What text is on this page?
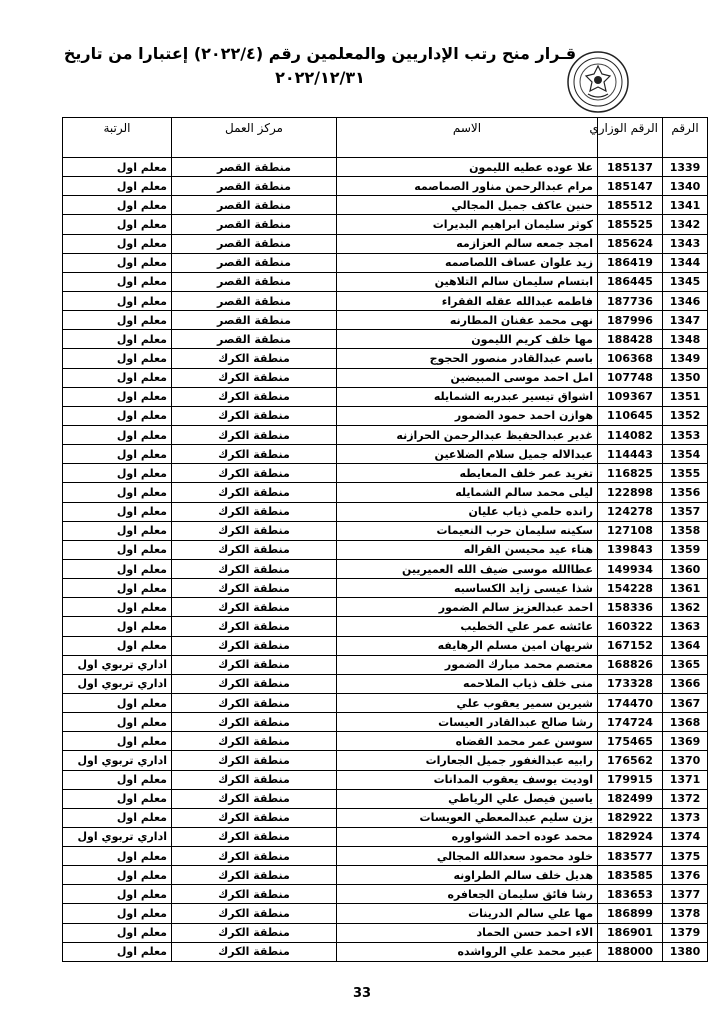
قـرار منح رتب الإداريين والمعلمين رقم (٢٠٢٢/٤) إعتبارا من تاريخ
٢٠٢٢/١٢/٣١
الرقم	الرقم الوزاري	الاسم	مركز العمل	الرتبة
1339	185137	علا عوده عطيه الليمون	منطقة القصر	معلم اول
1340	185147	مرام عبدالرحمن مناور الصماصمه	منطقة القصر	معلم اول
1341	185512	حنين عاكف جميل المجالي	منطقة القصر	معلم اول
1342	185525	كوثر سليمان ابراهيم البديرات	منطقة القصر	معلم اول
1343	185624	امجد جمعه سالم العزازمه	منطقة القصر	معلم اول
1344	186419	زيد علوان عساف اللصاصمه	منطقة القصر	معلم اول
1345	186445	ابتسام سليمان سالم التلاهين	منطقة القصر	معلم اول
1346	187736	فاطمه عبدالله عقله الفقراء	منطقة القصر	معلم اول
1347	187996	نهى محمد عفنان المطارنه	منطقة القصر	معلم اول
1348	188428	مها خلف كريم الليمون	منطقة القصر	معلم اول
1349	106368	باسم عبدالقادر منصور الحجوج	منطقة الكرك	معلم اول
1350	107748	امل احمد موسى المبيضين	منطقة الكرك	معلم اول
1351	109367	اشواق تيسير عبدربه الشمايله	منطقة الكرك	معلم اول
1352	110645	هوازن احمد حمود الضمور	منطقة الكرك	معلم اول
1353	114082	غدير عبدالحفيظ عبدالرحمن الحرازنه	منطقة الكرك	معلم اول
1354	114443	عبدالاله جميل سلام الضلاعين	منطقة الكرك	معلم اول
1355	116825	تغريد عمر خلف المعايطه	منطقة الكرك	معلم اول
1356	122898	ليلى محمد سالم الشمايله	منطقة الكرك	معلم اول
1357	124278	رانده حلمي ذياب عليان	منطقة الكرك	معلم اول
1358	127108	سكينه سليمان حرب النعيمات	منطقة الكرك	معلم اول
1359	139843	هناء عيد محيسن القراله	منطقة الكرك	معلم اول
1360	149934	عطاالله موسى ضيف الله العميريين	منطقة الكرك	معلم اول
1361	154228	شذا عيسى زايد الكساسبه	منطقة الكرك	معلم اول
1362	158336	احمد عبدالعزيز سالم الضمور	منطقة الكرك	معلم اول
1363	160322	عائشه عمر علي الخطيب	منطقة الكرك	معلم اول
1364	167152	شريهان امين مسلم الرهايفه	منطقة الكرك	معلم اول
1365	168826	معتصم محمد مبارك الضمور	منطقة الكرك	اداري تربوي اول
1366	173328	منى خلف ذياب الملاحمه	منطقة الكرك	اداري تربوي اول
1367	174470	شيرين سمير يعقوب علي	منطقة الكرك	معلم اول
1368	174724	رشا صالح عبدالقادر العيسات	منطقة الكرك	معلم اول
1369	175465	سوسن عمر محمد القضاه	منطقة الكرك	معلم اول
1370	176562	رابيه عبدالغفور جميل الجعارات	منطقة الكرك	اداري تربوي اول
1371	179915	اوديت يوسف يعقوب المدانات	منطقة الكرك	معلم اول
1372	182499	ياسين فيصل علي الرياطي	منطقة الكرك	معلم اول
1373	182922	يزن سليم عبدالمعطي العويسات	منطقة الكرك	معلم اول
1374	182924	محمد عوده احمد الشواوره	منطقة الكرك	اداري تربوي اول
1375	183577	خلود محمود سعدالله المجالي	منطقة الكرك	معلم اول
1376	183585	هديل خلف سالم الطراونه	منطقة الكرك	معلم اول
1377	183653	رشا فائق سليمان الجعافره	منطقة الكرك	معلم اول
1378	186899	مها علي سالم الدرينات	منطقة الكرك	معلم اول
1379	186901	الاء احمد حسن الحماد	منطقة الكرك	معلم اول
1380	188000	عبير محمد علي الرواشده	منطقة الكرك	معلم اول
33
